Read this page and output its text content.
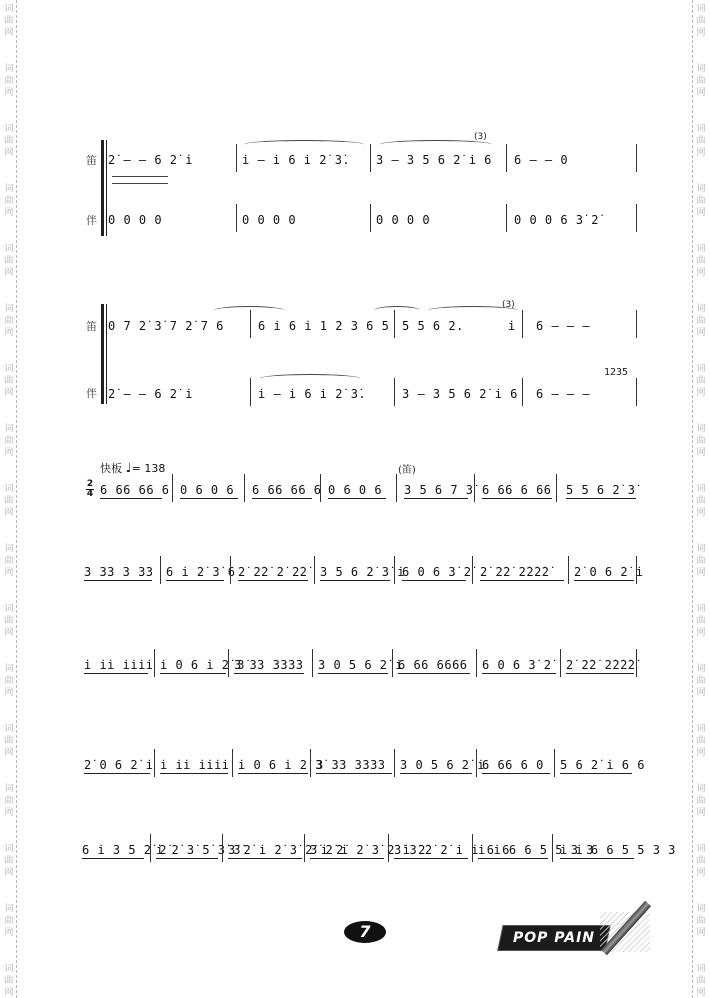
词
曲
网
词
曲
网
词
曲
网
词
曲
网
词
曲
网
词
曲
网
词
曲
网
词
曲
网
词
曲
网
词
曲
网
词
曲
网
词
曲
网
词
曲
网
词
曲
网
词
曲
网
词
曲
网
词
曲
网
词
曲
网
词
曲
网
词
曲
网
词
曲
网
词
曲
网
词
曲
网
词
曲
网
词
曲
网
词
曲
网
词
曲
网
词
曲
网
词
曲
网
词
曲
网
词
曲
网
词
曲
网
词
曲
网
词
曲
网
笛
伴
2̇ – – 6 2̇ i̇	i̇ – i̇ 6 i̇ 2̇ 3̇.	3 – 3 5 6 2̇ i̇ 6	6 – – 0
(3)
0 0 0 0	0 0 0 0	0 0 0 0	0 0 0 6 3̇ 2̇
笛
伴
0 7 2̇ 3̇ 7 2̇ 7 6	6 i̇ 6 i̇ 1 2 3 6 5	5 5 6 2.	i̇	6 – – –
(3)
2̇ – – 6 2̇ i̇	i̇ – i̇ 6 i̇ 2̇ 3̇.	3 – 3 5 6 2̇ i̇ 6	6 – – –
1235
快板 ♩= 138	(笛)
2
4 6 66 66 6 0 6 0 6	6 66 66 6 0 6 0 6	3 5 6 7 3̇ 6 66 6 66 5 5 6 2̇ 3̇
3 33 3 33 6 i̇ 2̇ 3̇ 6 2̇ 2̇2̇ 2̇ 2̇2̇ 3 5 6 2̇ 3̇ i̇
6 0 6 3̇ 2̇ 2̇ 2̇2̇ 2̇2̇2̇2̇	2̇ 0 6 2̇ i̇
i̇ i̇i̇ i̇i̇i̇i̇ i̇ 0 6 i̇ 2̇ 3̇
3 33 3333 3 0 5 6 2̇ i̇
6 66 6666	6 0 6 3̇ 2̇	2̇ 2̇2̇ 2̇2̇2̇2̇
2̇ 0 6 2̇ i̇ i̇ i̇i̇ i̇i̇i̇i̇ i̇ 0 6 i̇ 2̇ 3̇
3 33 3333	3 0 5 6 2̇ i̇
6 66 6 0	5 6 2̇ i̇ 6 6
6 i̇ 3 5 2̇ 2̇
i̇ 2̇ 3̇ 5̇ 3̇ 3̇
3̇ 2̇ i̇ 2̇ 3̇ 2̇ i̇ 2̇
3̇ 2̇ i̇ 2̇ 3̇ 2̇ i̇ 2̇
3̇ 3̇ 2̇ 2̇ i̇ i̇ 6 6
i̇ i̇ 6 6 5 5 3 3
i̇ i̇ 6 6 5 5 3 3
7	POP PAIN
